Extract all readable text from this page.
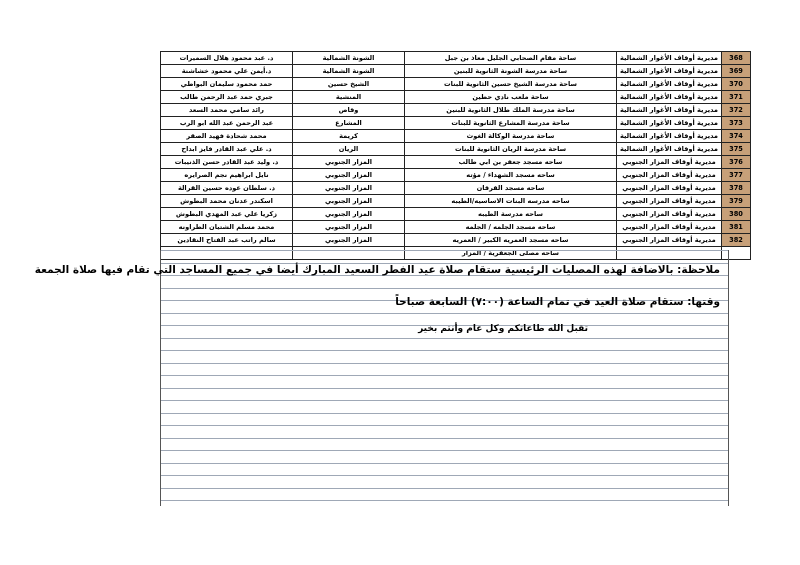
368	مديرية أوقاف الأغوار الشمالية	ساحة مقام الصحابي الجليل معاذ بن جبل	الشونة الشمالية	د. عبد محمود هلال السميرات
369	مديرية أوقاف الأغوار الشمالية	ساحة مدرسة الشونة الثانوية للبنين	الشونة الشمالية	د.أيمن علي محمود خشاشنة
370	مديرية أوقاف الأغوار الشمالية	ساحة مدرسة الشيخ حسين الثانوية للبنات	الشيخ حسين	حمد محمود سليمان البواطي
371	مديرية أوقاف الأغوار الشمالية	ساحة ملعب نادي حطين	المنشية	جبري حمد عبد الرحمن طالب
372	مديرية أوقاف الأغوار الشمالية	ساحة مدرسة الملك طلال الثانوية للبنين	وقاص	رائد سامي محمد السعد
373	مديرية أوقاف الأغوار الشمالية	ساحة مدرسة المشارع الثانوية للبنات	المشارع	عبد الرحمن عبد الله ابو الرب
374	مديرية أوقاف الأغوار الشمالية	ساحة مدرسة الوكالة الغوث	كريمة	محمد شحادة فهيد الصقر
375	مديرية أوقاف الأغوار الشمالية	ساحة مدرسة الريان الثانوية للبنات	الريان	د. علي عبد القادر فايز ابداح
376	مديرية أوقاف المزار الجنوبي	ساحه مسجد جعفر بن ابي طالب	المزار الجنوبي	د. وليد عبد القادر حسن الذنيبات
377	مديرية أوقاف المزار الجنوبي	ساحه مسجد الشهداء / مؤته	المزار الجنوبي	نايل ابراهيم نجم الصرايره
378	مديرية أوقاف المزار الجنوبي	ساحه مسجد القرقان	المزار الجنوبي	د. سلطان عوده حسين القرالة
379	مديرية أوقاف المزار الجنوبي	ساحه مدرسه البنات الاساسيه/الطيبه	المزار الجنوبي	اسكندر عدنان محمد البطوش
380	مديرية أوقاف المزار الجنوبي	ساحه مدرسة الطيبه	المزار الجنوبي	زكريا علي عبد المهدي البطوش
381	مديرية أوقاف المزار الجنوبي	ساحه مسجد الجلمه / الجلمه	المزار الجنوبي	محمد مسلم الشتيان الطراونه
382	مديرية أوقاف المزار الجنوبي	ساحه مسجد العمريه الكبير / العمريه	المزار الجنوبي	سالم راتب عبد الفتاح النقادين
		ساحه مصلى الجعفرية / المزار		
ملاحظة: بالاضافة لهذه المصليات الرئيسية ستقام صلاة عيد الفطر السعيد المبارك أيضا في جميع المساجد التي تقام فيها صلاة الجمعة
وقتها: ستقام صلاة العيد في تمام الساعة (٧:٠٠) السابعة صباحاً
تقبل الله طاعاتكم وكل عام وأنتم بخير
